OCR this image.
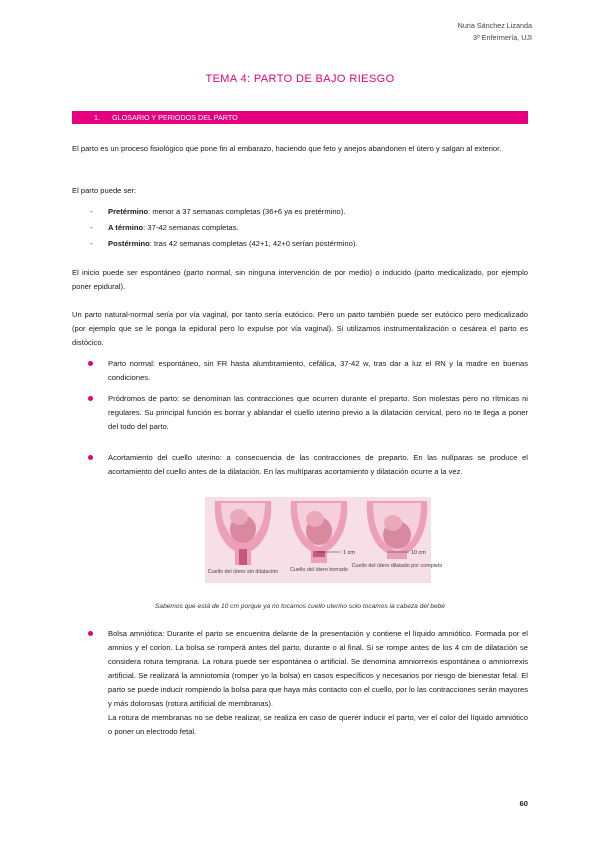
Nuria Sánchez Lizanda
3º Enfermería, UJI
TEMA 4: PARTO DE BAJO RIESGO
1. GLOSARIO Y PERIODOS DEL PARTO
El parto es un proceso fisiológico que pone fin al embarazo, haciendo que feto y anejos abandonen el útero y salgan al exterior.
El parto puede ser:
- Pretérmino: menor a 37 semanas completas (36+6 ya es pretérmino).
- A término: 37-42 semanas completas.
- Postérmino: tras 42 semanas completas (42+1, 42+0 serían postérmino).
El inicio puede ser espontáneo (parto normal, sin ninguna intervención de por medio) o inducido (parto medicalizado, por ejemplo poner epidural).
Un parto natural-normal sería por vía vaginal, por tanto sería eutócico. Pero un parto también puede ser eutócico pero medicalizado (por ejemplo que se le ponga la epidural pero lo expulse por vía vaginal). Si utilizamos instrumentalización o cesárea el parto es distócico.
Parto normal: espontáneo, sin FR hasta alumbramiento, cefálica, 37-42 w, tras dar a luz el RN y la madre en buenas condiciones.
Pródromos de parto: se denominan las contracciones que ocurren durante el preparto. Son molestas pero no rítmicas ni regulares. Su principal función es borrar y ablandar el cuello uterino previo a la dilatación cervical, pero no te llega a poner del todo del parto.
Acortamiento del cuello uterino: a consecuencia de las contracciones de preparto. En las nulíparas se produce el acortamiento del cuello antes de la dilatación. En las multíparas acortamiento y dilatación ocurre a la vez.
Cuello del útero sin dilatación
1 cm
Cuello del útero borrado
10 cm
Cuello del útero dilatado por completo
Sabemos que está de 10 cm porque ya no tocamos cuello uterino solo tocamos la cabeza del bebé
Bolsa amniótica: Durante el parto se encuentra delante de la presentación y contiene el líquido amniótico. Formada por el amnios y el corion. La bolsa se romperá antes del parto, durante o al final. Si se rompe antes de los 4 cm de dilatación se considera rotura temprana. La rotura puede ser espontánea o artificial. Se denomina amniorrexis espontánea o amniorrexis artificial. Se realizará la amniotomía (romper yo la bolsa) en casos específicos y necesarios por riesgo de bienestar fetal. El parto se puede inducir rompiendo la bolsa para que haya más contacto con el cuello, por lo las contracciones serán mayores y más dolorosas (rotura artificial de membranas).
La rotura de membranas no se debe realizar, se realiza en caso de querer inducir el parto, ver el color del líquido amniótico o poner un electrodo fetal.
60
